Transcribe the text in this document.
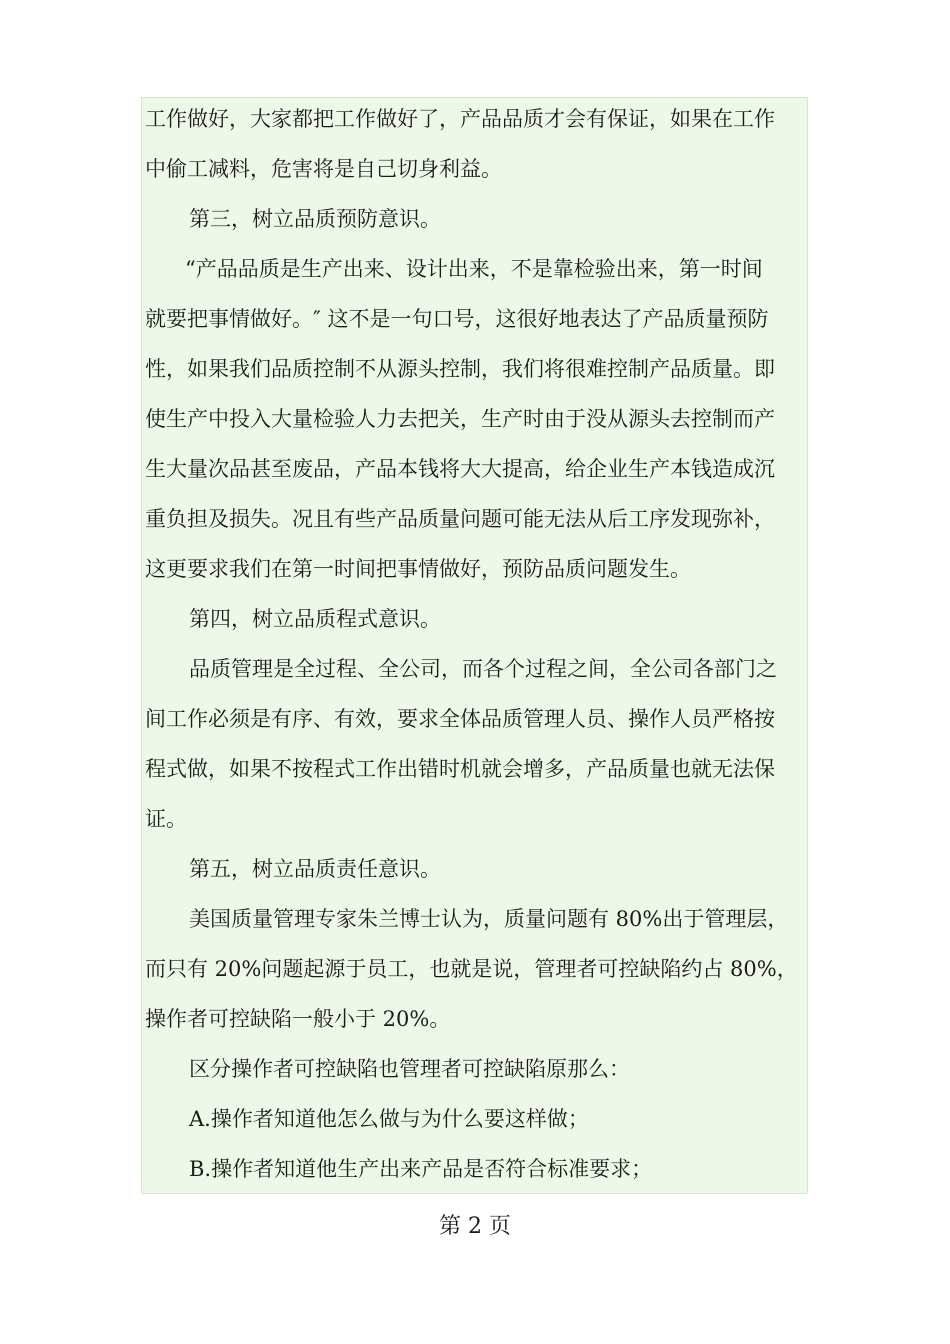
工作做好，大家都把工作做好了，产品品质才会有保证，如果在工作
中偷工减料，危害将是自己切身利益。
第三，树立品质预防意识。
“产品品质是生产出来、设计出来，不是靠检验出来，第一时间
就要把事情做好。″ 这不是一句口号，这很好地表达了产品质量预防
性，如果我们品质控制不从源头控制，我们将很难控制产品质量。即
使生产中投入大量检验人力去把关，生产时由于没从源头去控制而产
生大量次品甚至废品，产品本钱将大大提高，给企业生产本钱造成沉
重负担及损失。况且有些产品质量问题可能无法从后工序发现弥补，
这更要求我们在第一时间把事情做好，预防品质问题发生。
第四，树立品质程式意识。
品质管理是全过程、全公司，而各个过程之间，全公司各部门之
间工作必须是有序、有效，要求全体品质管理人员、操作人员严格按
程式做，如果不按程式工作出错时机就会增多，产品质量也就无法保
证。
第五，树立品质责任意识。
美国质量管理专家朱兰博士认为，质量问题有 80%出于管理层，
而只有 20%问题起源于员工，也就是说，管理者可控缺陷约占 80%，
操作者可控缺陷一般小于 20%。
区分操作者可控缺陷也管理者可控缺陷原那么：
A.操作者知道他怎么做与为什么要这样做；
B.操作者知道他生产出来产品是否符合标准要求；
第 2 页
